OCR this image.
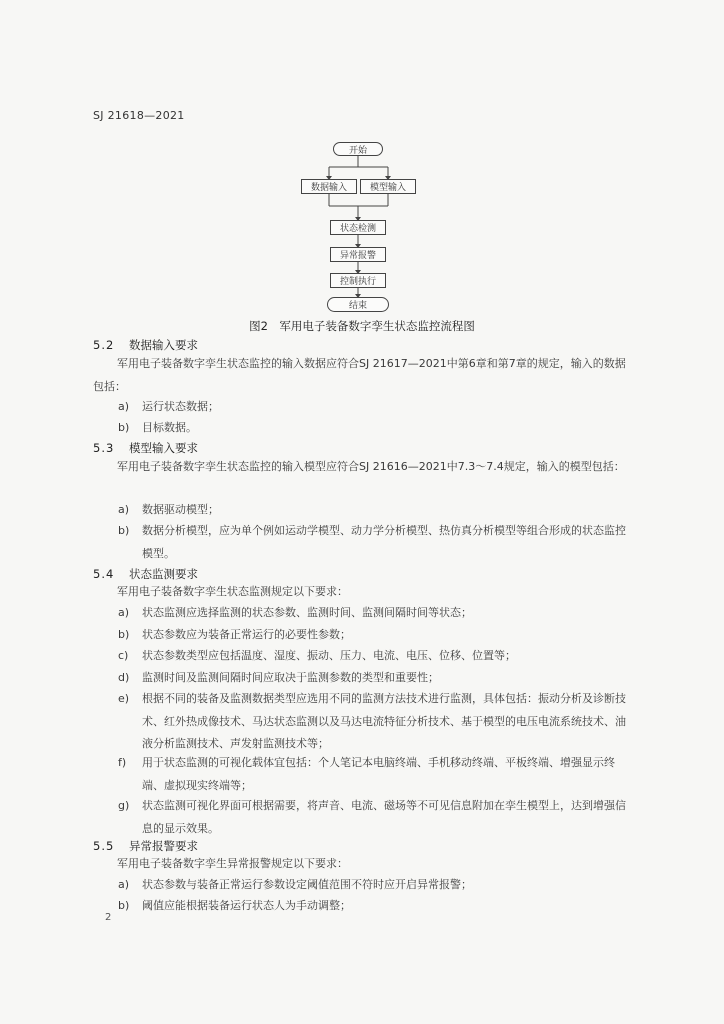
SJ 21618—2021
开始
数据输入	模型输入
状态检测
异常报警
控制执行
结束
图2　军用电子装备数字孪生状态监控流程图
5.2 数据输入要求

军用电子装备数字孪生状态监控的输入数据应符合SJ 21617—2021中第6章和第7章的规定，输入的数据包括：

a)	运行状态数据；
b)	目标数据。
5.3 模型输入要求

军用电子装备数字孪生状态监控的输入模型应符合SJ 21616—2021中7.3～7.4规定，输入的模型包括：

a)	数据驱动模型；
b)	数据分析模型，应为单个例如运动学模型、动力学分析模型、热仿真分析模型等组合形成的状态监控模型。
5.4 状态监测要求

军用电子装备数字孪生状态监测规定以下要求：

a)	状态监测应选择监测的状态参数、监测时间、监测间隔时间等状态；
b)	状态参数应为装备正常运行的必要性参数；
c)	状态参数类型应包括温度、湿度、振动、压力、电流、电压、位移、位置等；
d)	监测时间及监测间隔时间应取决于监测参数的类型和重要性；
e)	根据不同的装备及监测数据类型应选用不同的监测方法技术进行监测，具体包括：振动分析及诊断技术、红外热成像技术、马达状态监测以及马达电流特征分析技术、基于模型的电压电流系统技术、油液分析监测技术、声发射监测技术等；
f)	用于状态监测的可视化载体宜包括：个人笔记本电脑终端、手机移动终端、平板终端、增强显示终端、虚拟现实终端等；
g)	状态监测可视化界面可根据需要，将声音、电流、磁场等不可见信息附加在孪生模型上，达到增强信息的显示效果。
5.5 异常报警要求

军用电子装备数字孪生异常报警规定以下要求：

a)	状态参数与装备正常运行参数设定阈值范围不符时应开启异常报警；
b)	阈值应能根据装备运行状态人为手动调整；
2
